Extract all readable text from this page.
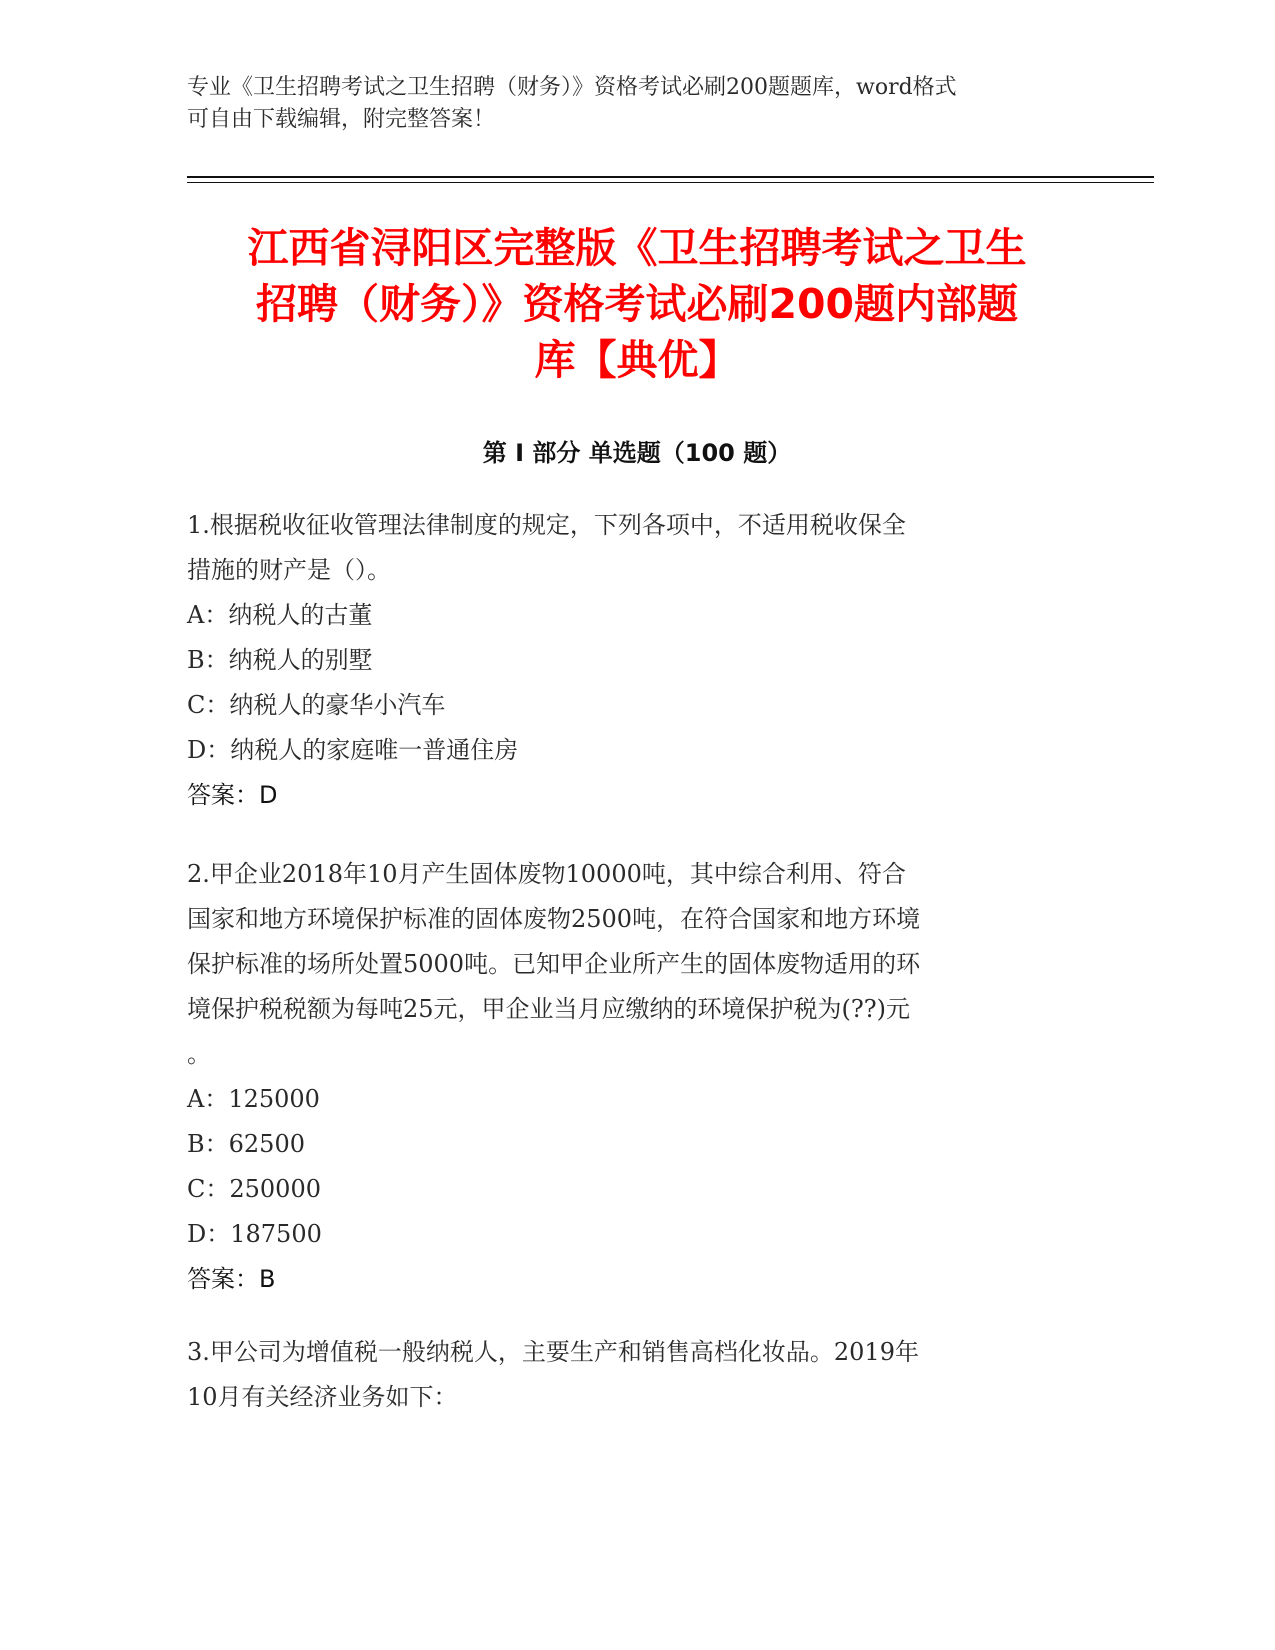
专业《卫生招聘考试之卫生招聘（财务）》资格考试必刷200题题库，word格式
可自由下载编辑，附完整答案！
江西省浔阳区完整版《卫生招聘考试之卫生
招聘（财务）》资格考试必刷200题内部题
库【典优】
第 I 部分 单选题（100 题）
1.根据税收征收管理法律制度的规定，下列各项中，不适用税收保全
措施的财产是（）。
A：纳税人的古董
B：纳税人的别墅
C：纳税人的豪华小汽车
D：纳税人的家庭唯一普通住房
答案：D
2.甲企业2018年10月产生固体废物10000吨，其中综合利用、符合
国家和地方环境保护标准的固体废物2500吨，在符合国家和地方环境
保护标准的场所处置5000吨。已知甲企业所产生的固体废物适用的环
境保护税税额为每吨25元，甲企业当月应缴纳的环境保护税为(??)元
。
A：125000
B：62500
C：250000
D：187500
答案：B
3.甲公司为增值税一般纳税人，主要生产和销售高档化妆品。2019年
10月有关经济业务如下：
